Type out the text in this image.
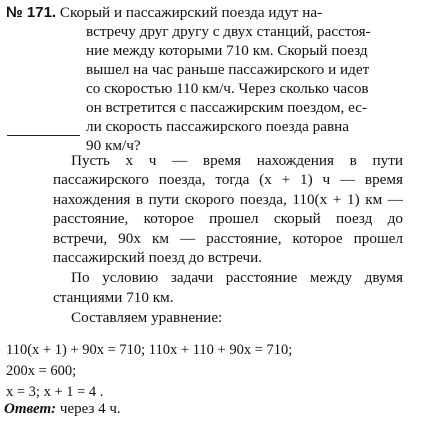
№ 171. Скорый и пассажирский поезда идут на-
встречу друг другу с двух станций, расстоя-
ние между которыми 710 км. Скорый поезд
вышел на час раньше пассажирского и идет
со скоростью 110 км/ч. Через сколько часов
он встретится с пассажирским поездом, ес-
ли скорость пассажирского поезда равна
90 км/ч?

Пусть x ч — время нахождения в пути пассажирского поезда, тогда (x + 1) ч — время нахождения в пути скорого поезда, 110(x + 1) км — расстояние, которое прошел скорый поезд до встречи, 90x км — расстояние, которое прошел пассажирский поезд до встречи.

По условию задачи расстояние между двумя станциями 710 км.

Составляем уравнение:

110(x + 1) + 90x = 710; 110x + 110 + 90x = 710;
200x = 600;
x = 3; x + 1 = 4 .
Ответ: через 4 ч.
